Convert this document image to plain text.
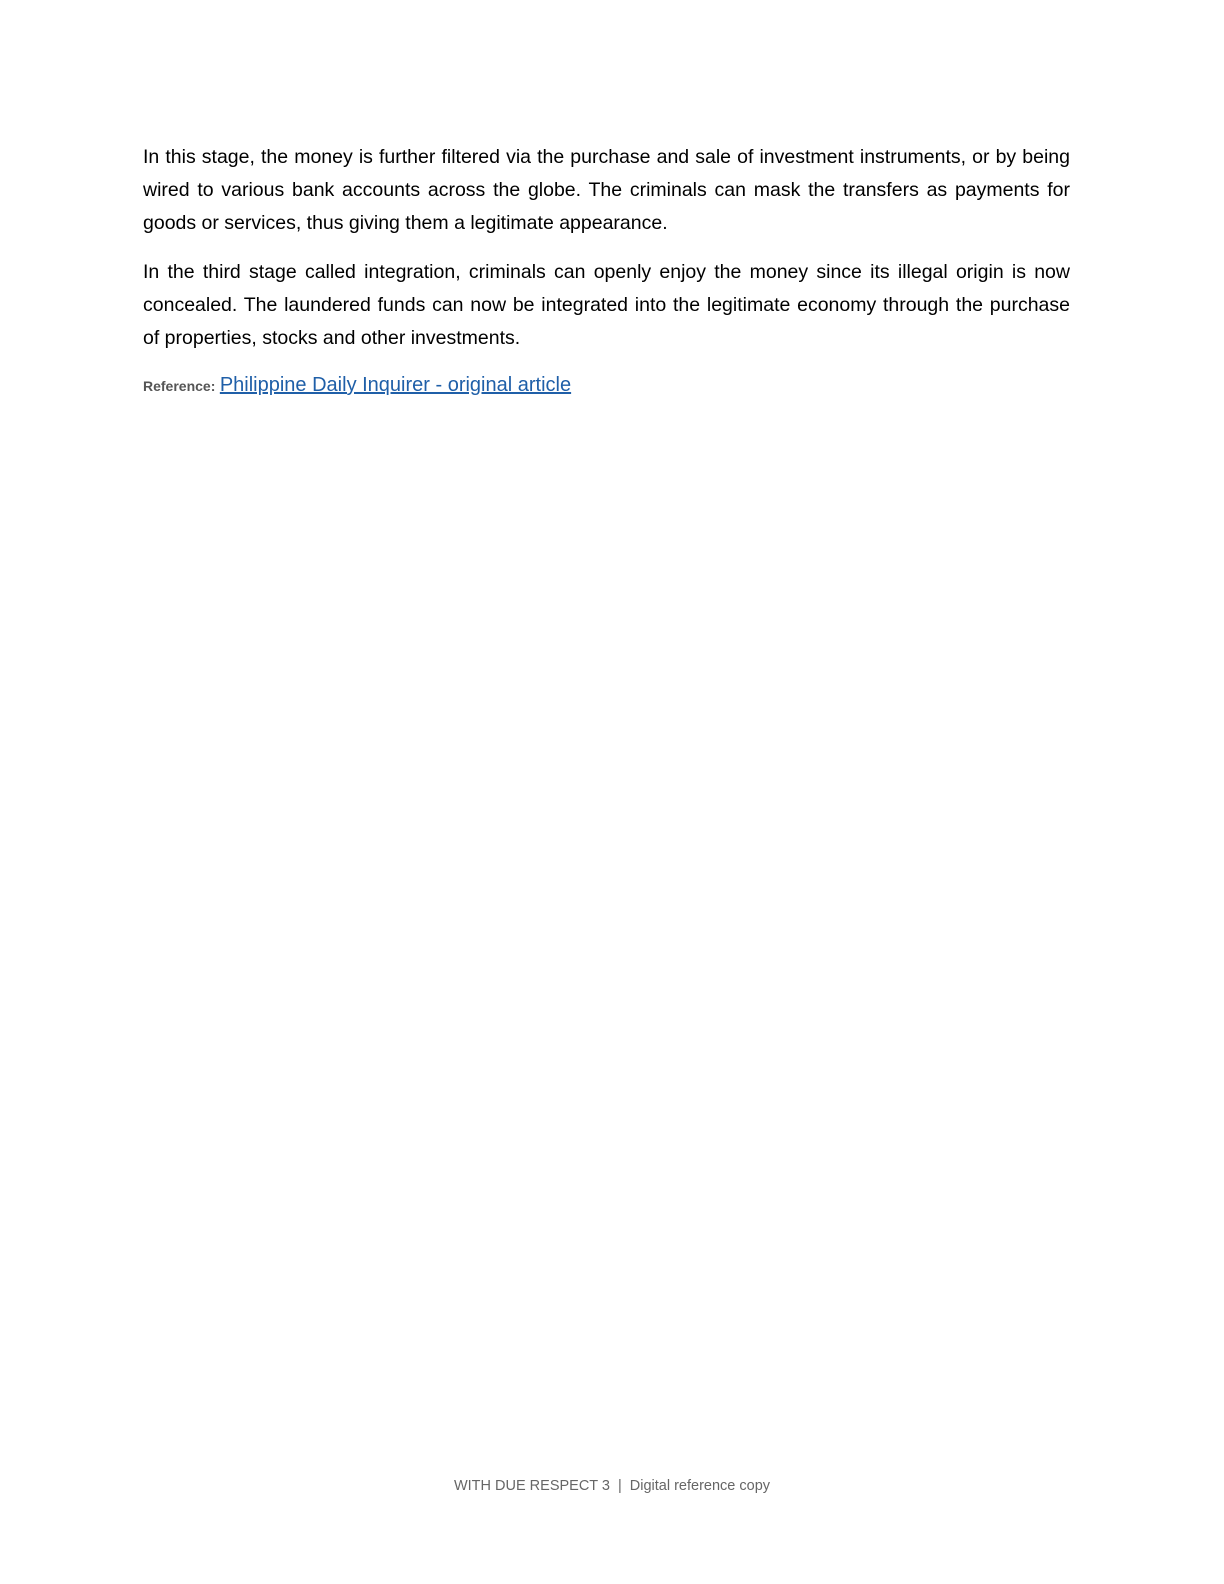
In this stage, the money is further filtered via the purchase and sale of investment instruments, or by being wired to various bank accounts across the globe. The criminals can mask the transfers as payments for goods or services, thus giving them a legitimate appearance.

In the third stage called integration, criminals can openly enjoy the money since its illegal origin is now concealed. The laundered funds can now be integrated into the legitimate economy through the purchase of properties, stocks and other investments.

Reference: Philippine Daily Inquirer - original article
WITH DUE RESPECT 3 | Digital reference copy
